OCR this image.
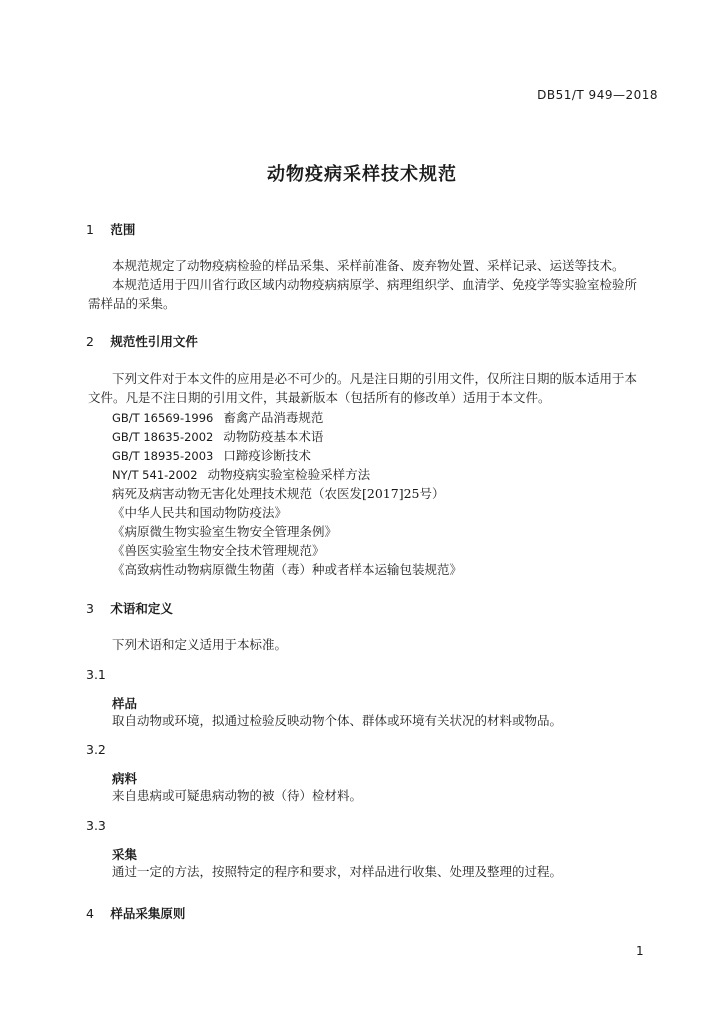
DB51/T 949—2018
动物疫病采样技术规范
1 范围
本规范规定了动物疫病检验的样品采集、采样前准备、废弃物处置、采样记录、运送等技术。
本规范适用于四川省行政区域内动物疫病病原学、病理组织学、血清学、免疫学等实验室检验所需样品的采集。
2 规范性引用文件
下列文件对于本文件的应用是必不可少的。凡是注日期的引用文件，仅所注日期的版本适用于本文件。凡是不注日期的引用文件，其最新版本（包括所有的修改单）适用于本文件。
GB/T 16569-1996 畜禽产品消毒规范
GB/T 18635-2002 动物防疫基本术语
GB/T 18935-2003 口蹄疫诊断技术
NY/T 541-2002 动物疫病实验室检验采样方法
病死及病害动物无害化处理技术规范（农医发[2017]25号）
《中华人民共和国动物防疫法》
《病原微生物实验室生物安全管理条例》
《兽医实验室生物安全技术管理规范》
《高致病性动物病原微生物菌（毒）种或者样本运输包装规范》
3 术语和定义
下列术语和定义适用于本标准。
3.1
样品
取自动物或环境，拟通过检验反映动物个体、群体或环境有关状况的材料或物品。
3.2
病料
来自患病或可疑患病动物的被（待）检材料。
3.3
采集
通过一定的方法，按照特定的程序和要求，对样品进行收集、处理及整理的过程。
4 样品采集原则
1
